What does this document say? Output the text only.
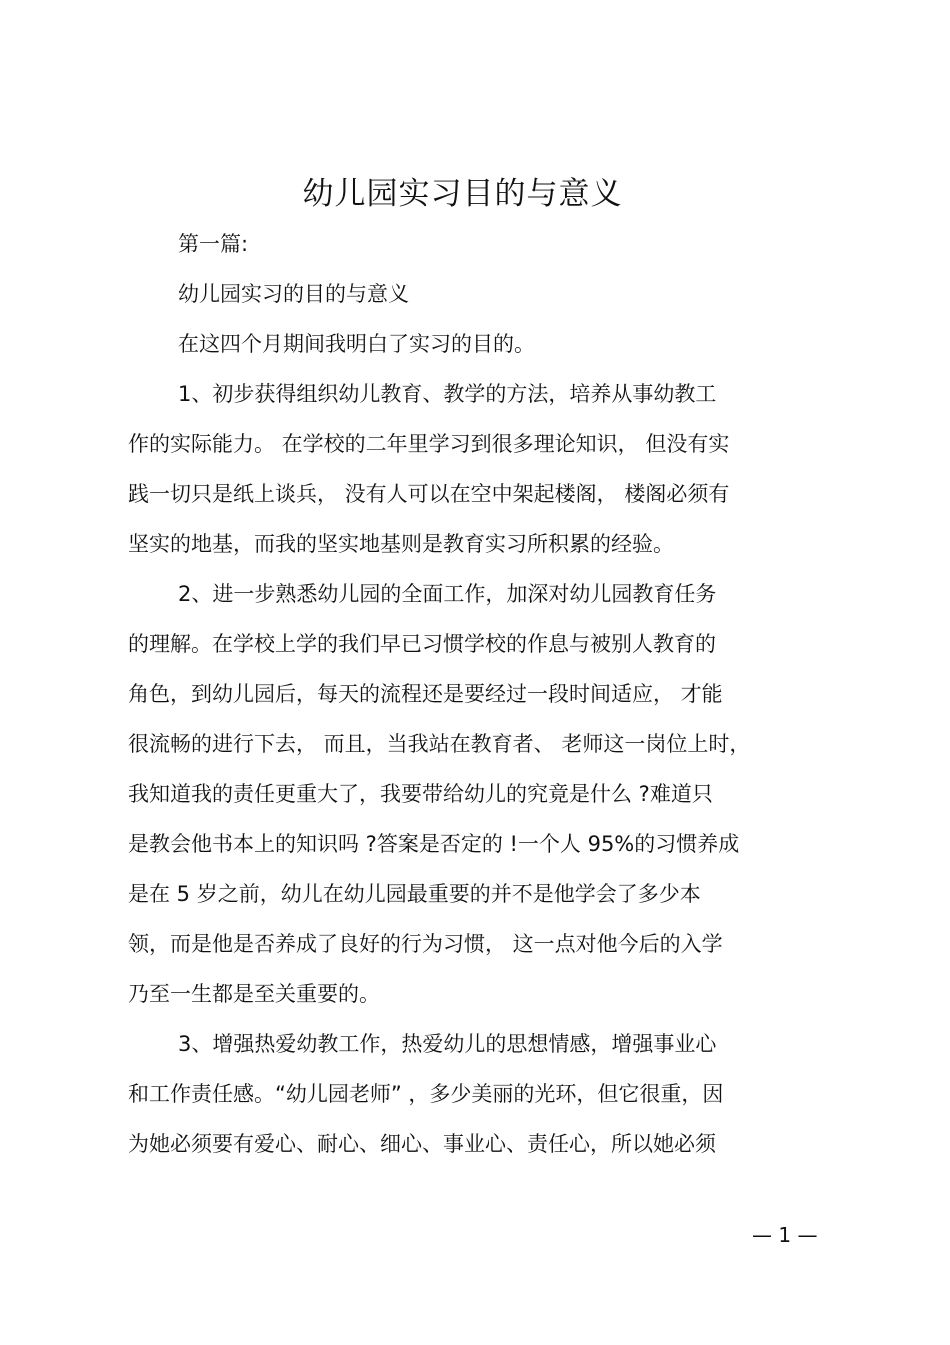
幼儿园实习目的与意义
第一篇:
幼儿园实习的目的与意义
在这四个月期间我明白了实习的目的。
1、初步获得组织幼儿教育、教学的方法，培养从事幼教工
作的实际能力。 在学校的二年里学习到很多理论知识， 但没有实
践一切只是纸上谈兵， 没有人可以在空中架起楼阁， 楼阁必须有
坚实的地基，而我的坚实地基则是教育实习所积累的经验。
2、进一步熟悉幼儿园的全面工作，加深对幼儿园教育任务
的理解。在学校上学的我们早已习惯学校的作息与被别人教育的
角色，到幼儿园后，每天的流程还是要经过一段时间适应， 才能
很流畅的进行下去， 而且，当我站在教育者、 老师这一岗位上时，
我知道我的责任更重大了，我要带给幼儿的究竟是什么 ?难道只
是教会他书本上的知识吗 ?答案是否定的 !一个人 95%的习惯养成
是在 5 岁之前，幼儿在幼儿园最重要的并不是他学会了多少本
领，而是他是否养成了良好的行为习惯， 这一点对他今后的入学
乃至一生都是至关重要的。
3、增强热爱幼教工作，热爱幼儿的思想情感，增强事业心
和工作责任感。“幼儿园老师” ，多少美丽的光环，但它很重，因
为她必须要有爱心、耐心、细心、事业心、责任心，所以她必须
— 1 —
